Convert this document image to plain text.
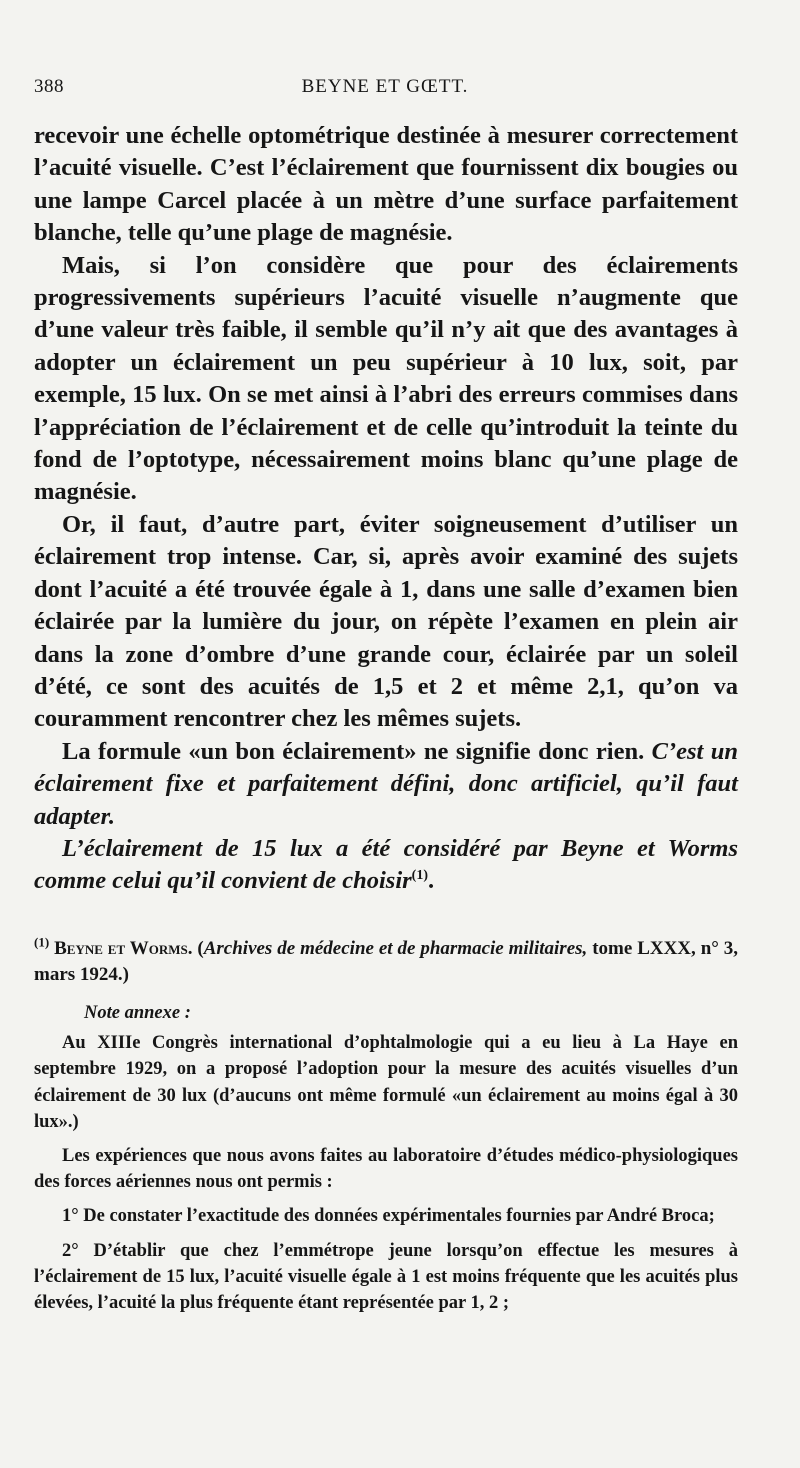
388	BEYNE ET GŒTT.

recevoir une échelle optométrique destinée à mesurer correctement l’acuité visuelle. C’est l’éclairement que fournissent dix bougies ou une lampe Carcel placée à un mètre d’une surface parfaitement blanche, telle qu’une plage de magnésie.

Mais, si l’on considère que pour des éclairements progressivements supérieurs l’acuité visuelle n’augmente que d’une valeur très faible, il semble qu’il n’y ait que des avantages à adopter un éclairement un peu supérieur à 10 lux, soit, par exemple, 15 lux. On se met ainsi à l’abri des erreurs commises dans l’appréciation de l’éclairement et de celle qu’introduit la teinte du fond de l’optotype, nécessairement moins blanc qu’une plage de magnésie.

Or, il faut, d’autre part, éviter soigneusement d’utiliser un éclairement trop intense. Car, si, après avoir examiné des sujets dont l’acuité a été trouvée égale à 1, dans une salle d’examen bien éclairée par la lumière du jour, on répète l’examen en plein air dans la zone d’ombre d’une grande cour, éclairée par un soleil d’été, ce sont des acuités de 1,5 et 2 et même 2,1, qu’on va couramment rencontrer chez les mêmes sujets.

La formule «un bon éclairement» ne signifie donc rien. C’est un éclairement fixe et parfaitement défini, donc artificiel, qu’il faut adapter.

L’éclairement de 15 lux a été considéré par Beyne et Worms comme celui qu’il convient de choisir$^{(1)}$.

$^{(1)}$ Beyne et Worms. (Archives de médecine et de pharmacie militaires, tome LXXX, n° 3, mars 1924.)

Note annexe :

Au XIIIe Congrès international d’ophtalmologie qui a eu lieu à La Haye en septembre 1929, on a proposé l’adoption pour la mesure des acuités visuelles d’un éclairement de 30 lux (d’aucuns ont même formulé «un éclairement au moins égal à 30 lux».)

Les expériences que nous avons faites au laboratoire d’études médico-physiologiques des forces aériennes nous ont permis :

1° De constater l’exactitude des données expérimentales fournies par André Broca;

2° D’établir que chez l’emmétrope jeune lorsqu’on effectue les mesures à l’éclairement de 15 lux, l’acuité visuelle égale à 1 est moins fréquente que les acuités plus élevées, l’acuité la plus fréquente étant représentée par 1, 2 ;
